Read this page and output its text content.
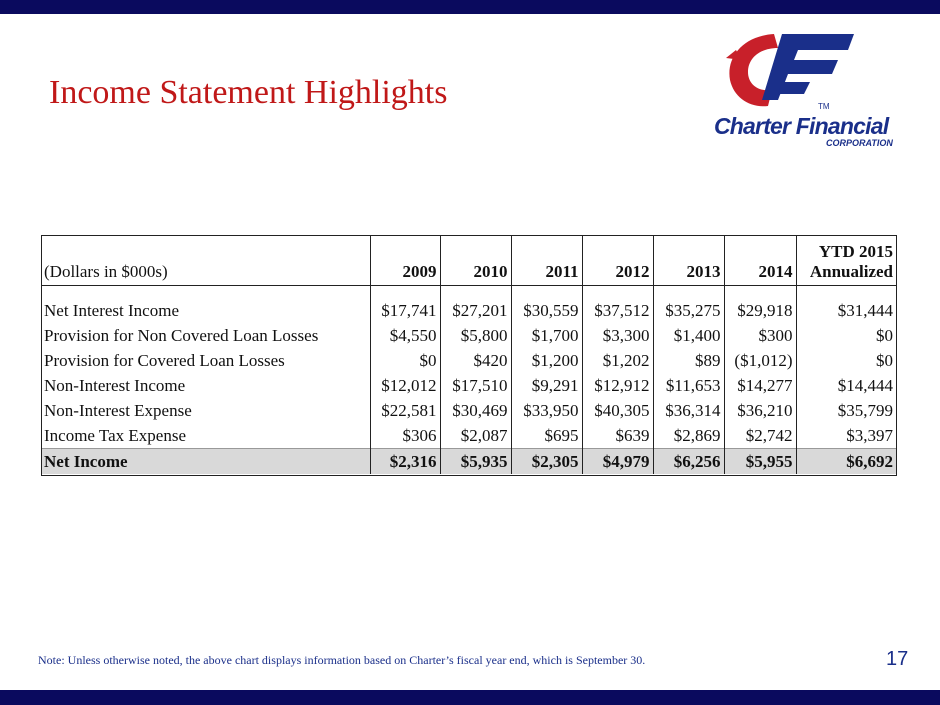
Income Statement Highlights	TM
Charter Financial
CORPORATION
(Dollars in $000s)	2009	2010	2011	2012	2013	2014	YTD 2015
Annualized

Net Interest Income	$17,741	$27,201	$30,559	$37,512	$35,275	$29,918	$31,444
Provision for Non Covered Loan Losses	$4,550	$5,800	$1,700	$3,300	$1,400	$300	$0
Provision for Covered Loan Losses	$0	$420	$1,200	$1,202	$89	($1,012)	$0
Non-Interest Income	$12,012	$17,510	$9,291	$12,912	$11,653	$14,277	$14,444
Non-Interest Expense	$22,581	$30,469	$33,950	$40,305	$36,314	$36,210	$35,799
Income Tax Expense	$306	$2,087	$695	$639	$2,869	$2,742	$3,397
Net Income	$2,316	$5,935	$2,305	$4,979	$6,256	$5,955	$6,692
Note: Unless otherwise noted, the above chart displays information based on Charter’s fiscal year end, which is September 30.	17
